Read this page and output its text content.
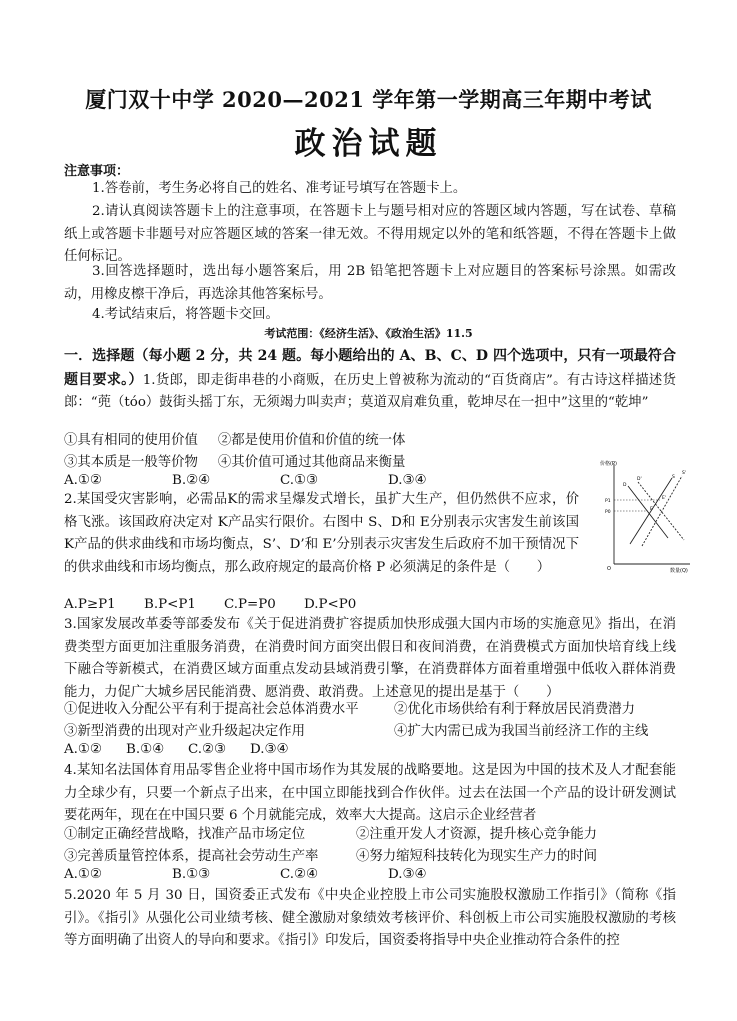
厦门双十中学 2020—2021 学年第一学期高三年期中考试
政治试题
注意事项：
1.答卷前，考生务必将自己的姓名、准考证号填写在答题卡上。
2.请认真阅读答题卡上的注意事项，在答题卡上与题号相对应的答题区域内答题，写在试卷、草稿纸上或答题卡非题号对应答题区域的答案一律无效。不得用规定以外的笔和纸答题，不得在答题卡上做任何标记。
3.回答选择题时，选出每小题答案后，用 2B 铅笔把答题卡上对应题目的答案标号涂黑。如需改动，用橡皮檫干净后，再选涂其他答案标号。
4.考试结束后，将答题卡交回。
考试范围：《经济生活》、《政治生活》11.5
一．选择题（每小题 2 分，共 24 题。每小题给出的 A、B、C、D 四个选项中，只有一项最符合题目要求。）1.货郎，即走街串巷的小商贩，在历史上曾被称为流动的“百货商店”。有古诗这样描述货郎：“蔸（tóo）鼓街头摇丁东，无须竭力叫卖声；莫道双肩难负重，乾坤尽在一担中”这里的“乾坤”
①具有相同的使用价值 ②都是使用价值和价值的统一体
③其本质是一般等价物 ④其价值可通过其他商品来衡量
A.①②	B.②④	C.①③	D.③④
2.某国受灾害影响，必需品K的需求呈爆发式增长，虽扩大生产，但仍然供不应求，价格飞涨。该国政府决定对 K产品实行限价。右图中 S、D和 E分别表示灾害发生前该国 K产品的供求曲线和市场均衡点，S’、D’和 E’分别表示灾害发生后政府不加干预情况下的供求曲线和市场均衡点，那么政府规定的最高价格 P 必须满足的条件是（　　）
价格(P)
数量(Q)
O
P1
P0
S
S'
D
D'
E
E'
A.P≥P1 B.P<P1 C.P=P0 D.P<P0
3.国家发展改革委等部委发布《关于促进消费扩容提质加快形成强大国内市场的实施意见》指出，在消费类型方面更加注重服务消费，在消费时间方面突出假日和夜间消费，在消费模式方面加快培育线上线下融合等新模式，在消费区域方面重点发动县域消费引擎，在消费群体方面着重增强中低收入群体消费能力，力促广大城乡居民能消费、愿消费、敢消费。上述意见的提出是基于（　　）
①促进收入分配公平有利于提高社会总体消费水平	②优化市场供给有利于释放居民消费潜力
③新型消费的出现对产业升级起决定作用	④扩大内需已成为我国当前经济工作的主线
A.①② B.①④ C.②③ D.③④
4.某知名法国体育用品零售企业将中国市场作为其发展的战略要地。这是因为中国的技术及人才配套能力全球少有，只要一个新点子出来，在中国立即能找到合作伙伴。过去在法国一个产品的设计研发测试要花两年，现在在中国只要 6 个月就能完成，效率大大提高。这启示企业经营者
①制定正确经营战略，找准产品市场定位	②注重开发人才资源，提升核心竞争能力
③完善质量管控体系，提高社会劳动生产率	④努力缩短科技转化为现实生产力的时间
A.①②	B.①③	C.②④	D.③④
5.2020 年 5 月 30 日，国资委正式发布《中央企业控股上市公司实施股权激励工作指引》（简称《指引》。《指引》从强化公司业绩考核、健全激励对象绩效考核评价、科创板上市公司实施股权激励的考核等方面明确了出资人的导向和要求。《指引》印发后，国资委将指导中央企业推动符合条件的控
